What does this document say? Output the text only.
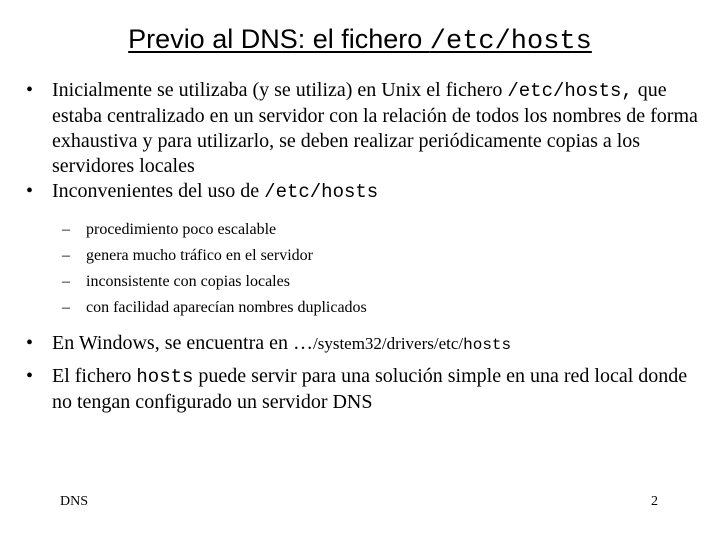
Previo al DNS: el fichero /etc/hosts
• Inicialmente se utilizaba (y se utiliza) en Unix el fichero /etc/hosts, que estaba centralizado en un servidor con la relación de todos los nombres de forma exhaustiva y para utilizarlo, se deben realizar periódicamente copias a los servidores locales
• Inconvenientes del uso de /etc/hosts
– procedimiento poco escalable
– genera mucho tráfico en el servidor
– inconsistente con copias locales
– con facilidad aparecían nombres duplicados
• En Windows, se encuentra en …/system32/drivers/etc/hosts
• El fichero hosts puede servir para una solución simple en una red local donde no tengan configurado un servidor DNS
DNS	2
